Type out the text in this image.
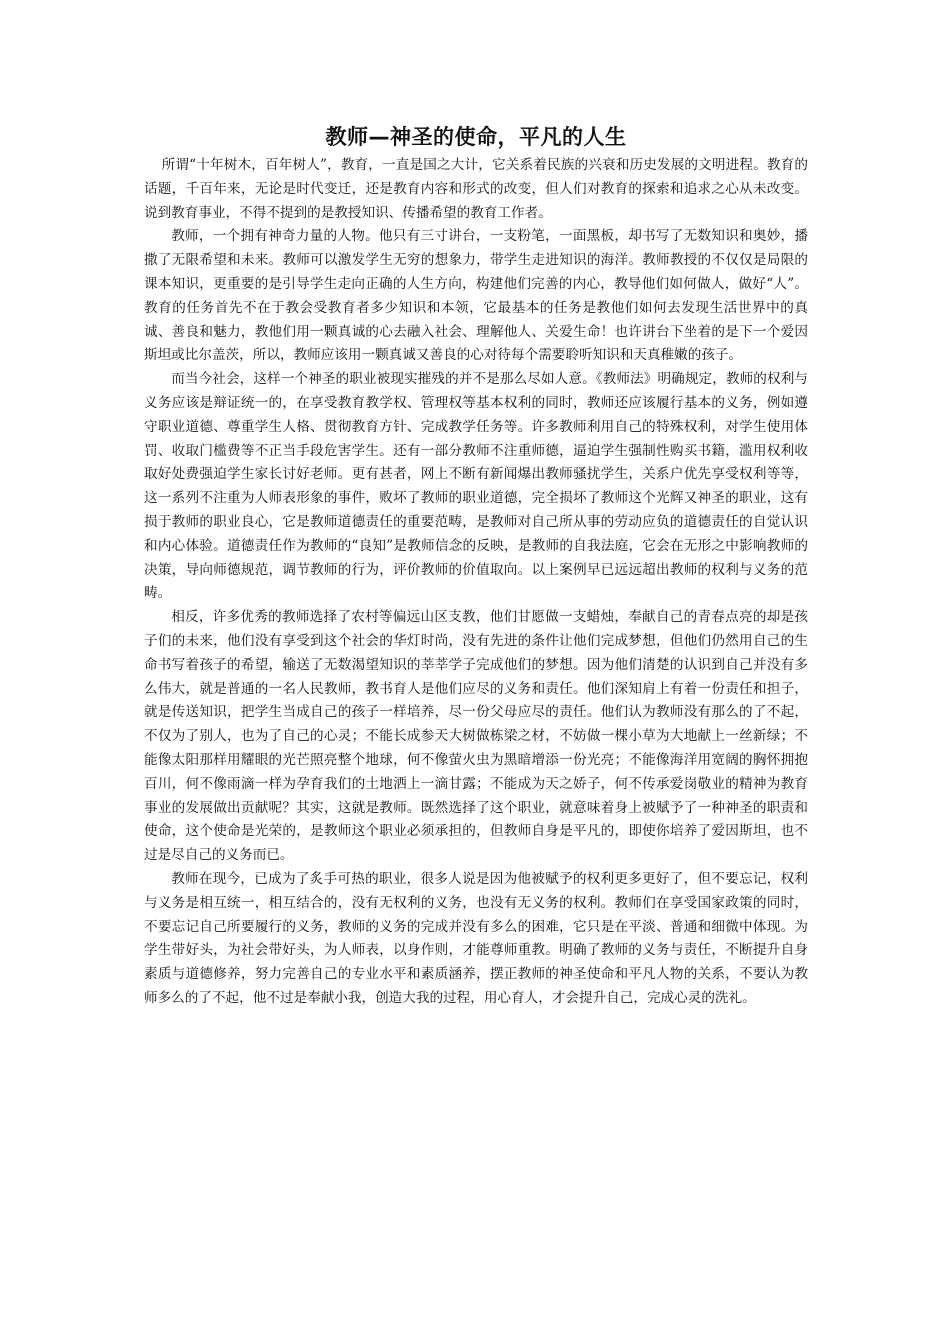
教师—神圣的使命，平凡的人生

所谓“十年树木，百年树人”，教育，一直是国之大计，它关系着民族的兴衰和历史发展的文明进程。教育的话题，千百年来，无论是时代变迁，还是教育内容和形式的改变，但人们对教育的探索和追求之心从未改变。说到教育事业，不得不提到的是教授知识、传播希望的教育工作者。

教师，一个拥有神奇力量的人物。他只有三寸讲台，一支粉笔，一面黑板，却书写了无数知识和奥妙，播撒了无限希望和未来。教师可以激发学生无穷的想象力，带学生走进知识的海洋。教师教授的不仅仅是局限的课本知识，更重要的是引导学生走向正确的人生方向，构建他们完善的内心，教导他们如何做人，做好“人”。教育的任务首先不在于教会受教育者多少知识和本领，它最基本的任务是教他们如何去发现生活世界中的真诚、善良和魅力，教他们用一颗真诚的心去融入社会、理解他人、关爱生命！也许讲台下坐着的是下一个爱因斯坦或比尔盖茨，所以，教师应该用一颗真诚又善良的心对待每个需要聆听知识和天真稚嫩的孩子。

而当今社会，这样一个神圣的职业被现实摧残的并不是那么尽如人意。《教师法》明确规定，教师的权利与义务应该是辩证统一的，在享受教育教学权、管理权等基本权利的同时，教师还应该履行基本的义务，例如遵守职业道德、尊重学生人格、贯彻教育方针、完成教学任务等。许多教师利用自己的特殊权利，对学生使用体罚、收取门槛费等不正当手段危害学生。还有一部分教师不注重师德，逼迫学生强制性购买书籍，滥用权利收取好处费强迫学生家长讨好老师。更有甚者，网上不断有新闻爆出教师骚扰学生，关系户优先享受权利等等，这一系列不注重为人师表形象的事件，败坏了教师的职业道德，完全损坏了教师这个光辉又神圣的职业，这有损于教师的职业良心，它是教师道德责任的重要范畴，是教师对自己所从事的劳动应负的道德责任的自觉认识和内心体验。道德责任作为教师的“良知”是教师信念的反映，是教师的自我法庭，它会在无形之中影响教师的决策，导向师德规范，调节教师的行为，评价教师的价值取向。以上案例早已远远超出教师的权利与义务的范畴。

相反，许多优秀的教师选择了农村等偏远山区支教，他们甘愿做一支蜡烛，奉献自己的青春点亮的却是孩子们的未来，他们没有享受到这个社会的华灯时尚，没有先进的条件让他们完成梦想，但他们仍然用自己的生命书写着孩子的希望，输送了无数渴望知识的莘莘学子完成他们的梦想。因为他们清楚的认识到自己并没有多么伟大，就是普通的一名人民教师，教书育人是他们应尽的义务和责任。他们深知肩上有着一份责任和担子，就是传送知识，把学生当成自己的孩子一样培养，尽一份父母应尽的责任。他们认为教师没有那么的了不起，不仅为了别人，也为了自己的心灵；不能长成参天大树做栋梁之材，不妨做一棵小草为大地献上一丝新绿；不能像太阳那样用耀眼的光芒照亮整个地球，何不像萤火虫为黑暗增添一份光亮；不能像海洋用宽阔的胸怀拥抱百川，何不像雨滴一样为孕育我们的土地洒上一滴甘露；不能成为天之娇子，何不传承爱岗敬业的精神为教育事业的发展做出贡献呢？其实，这就是教师。既然选择了这个职业，就意味着身上被赋予了一种神圣的职责和使命，这个使命是光荣的，是教师这个职业必须承担的，但教师自身是平凡的，即使你培养了爱因斯坦，也不过是尽自己的义务而已。

教师在现今，已成为了炙手可热的职业，很多人说是因为他被赋予的权利更多更好了，但不要忘记，权利与义务是相互统一，相互结合的，没有无权利的义务，也没有无义务的权利。教师们在享受国家政策的同时，不要忘记自己所要履行的义务，教师的义务的完成并没有多么的困难，它只是在平淡、普通和细微中体现。为学生带好头，为社会带好头，为人师表，以身作则，才能尊师重教。明确了教师的义务与责任，不断提升自身素质与道德修养，努力完善自己的专业水平和素质涵养，摆正教师的神圣使命和平凡人物的关系，不要认为教师多么的了不起，他不过是奉献小我，创造大我的过程，用心育人，才会提升自己，完成心灵的洗礼。
